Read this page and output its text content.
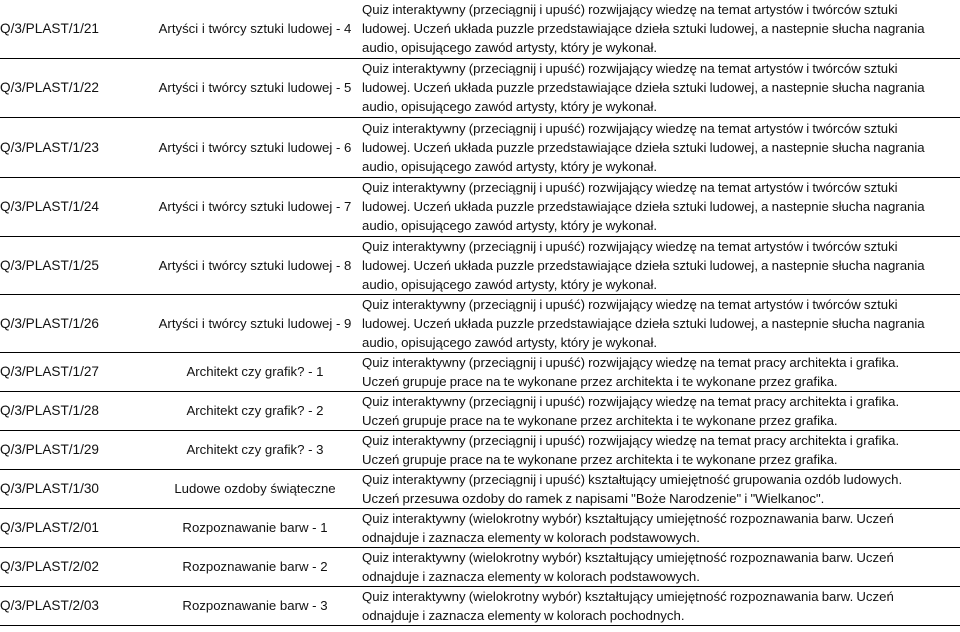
Q/3/PLAST/1/21	Artyści i twórcy sztuki ludowej - 4	Quiz interaktywny (przeciągnij i upuść) rozwijający wiedzę na temat artystów i twórców sztuki
ludowej. Uczeń układa puzzle przedstawiające dzieła sztuki ludowej, a nastepnie słucha nagrania
audio, opisującego zawód artysty, który je wykonał.

Q/3/PLAST/1/22	Artyści i twórcy sztuki ludowej - 5	Quiz interaktywny (przeciągnij i upuść) rozwijający wiedzę na temat artystów i twórców sztuki
ludowej. Uczeń układa puzzle przedstawiające dzieła sztuki ludowej, a nastepnie słucha nagrania
audio, opisującego zawód artysty, który je wykonał.

Q/3/PLAST/1/23	Artyści i twórcy sztuki ludowej - 6	Quiz interaktywny (przeciągnij i upuść) rozwijający wiedzę na temat artystów i twórców sztuki
ludowej. Uczeń układa puzzle przedstawiające dzieła sztuki ludowej, a nastepnie słucha nagrania
audio, opisującego zawód artysty, który je wykonał.

Q/3/PLAST/1/24	Artyści i twórcy sztuki ludowej - 7	Quiz interaktywny (przeciągnij i upuść) rozwijający wiedzę na temat artystów i twórców sztuki
ludowej. Uczeń układa puzzle przedstawiające dzieła sztuki ludowej, a nastepnie słucha nagrania
audio, opisującego zawód artysty, który je wykonał.

Q/3/PLAST/1/25	Artyści i twórcy sztuki ludowej - 8	Quiz interaktywny (przeciągnij i upuść) rozwijający wiedzę na temat artystów i twórców sztuki
ludowej. Uczeń układa puzzle przedstawiające dzieła sztuki ludowej, a nastepnie słucha nagrania
audio, opisującego zawód artysty, który je wykonał.

Q/3/PLAST/1/26	Artyści i twórcy sztuki ludowej - 9	Quiz interaktywny (przeciągnij i upuść) rozwijający wiedzę na temat artystów i twórców sztuki
ludowej. Uczeń układa puzzle przedstawiające dzieła sztuki ludowej, a nastepnie słucha nagrania
audio, opisującego zawód artysty, który je wykonał.

Q/3/PLAST/1/27	Architekt czy grafik? - 1	Quiz interaktywny (przeciągnij i upuść) rozwijający wiedzę na temat pracy architekta i grafika.
Uczeń grupuje prace na te wykonane przez architekta i te wykonane przez grafika.

Q/3/PLAST/1/28	Architekt czy grafik? - 2	Quiz interaktywny (przeciągnij i upuść) rozwijający wiedzę na temat pracy architekta i grafika.
Uczeń grupuje prace na te wykonane przez architekta i te wykonane przez grafika.

Q/3/PLAST/1/29	Architekt czy grafik? - 3	Quiz interaktywny (przeciągnij i upuść) rozwijający wiedzę na temat pracy architekta i grafika.
Uczeń grupuje prace na te wykonane przez architekta i te wykonane przez grafika.

Q/3/PLAST/1/30	Ludowe ozdoby świąteczne	Quiz interaktywny (przeciągnij i upuść) kształtujący umiejętność grupowania ozdób ludowych.
Uczeń przesuwa ozdoby do ramek z napisami "Boże Narodzenie" i "Wielkanoc".

Q/3/PLAST/2/01	Rozpoznawanie barw - 1	Quiz interaktywny (wielokrotny wybór) kształtujący umiejętność rozpoznawania barw. Uczeń
odnajduje i zaznacza elementy w kolorach podstawowych.

Q/3/PLAST/2/02	Rozpoznawanie barw - 2	Quiz interaktywny (wielokrotny wybór) kształtujący umiejętność rozpoznawania barw. Uczeń
odnajduje i zaznacza elementy w kolorach podstawowych.

Q/3/PLAST/2/03	Rozpoznawanie barw - 3	Quiz interaktywny (wielokrotny wybór) kształtujący umiejętność rozpoznawania barw. Uczeń
odnajduje i zaznacza elementy w kolorach pochodnych.
